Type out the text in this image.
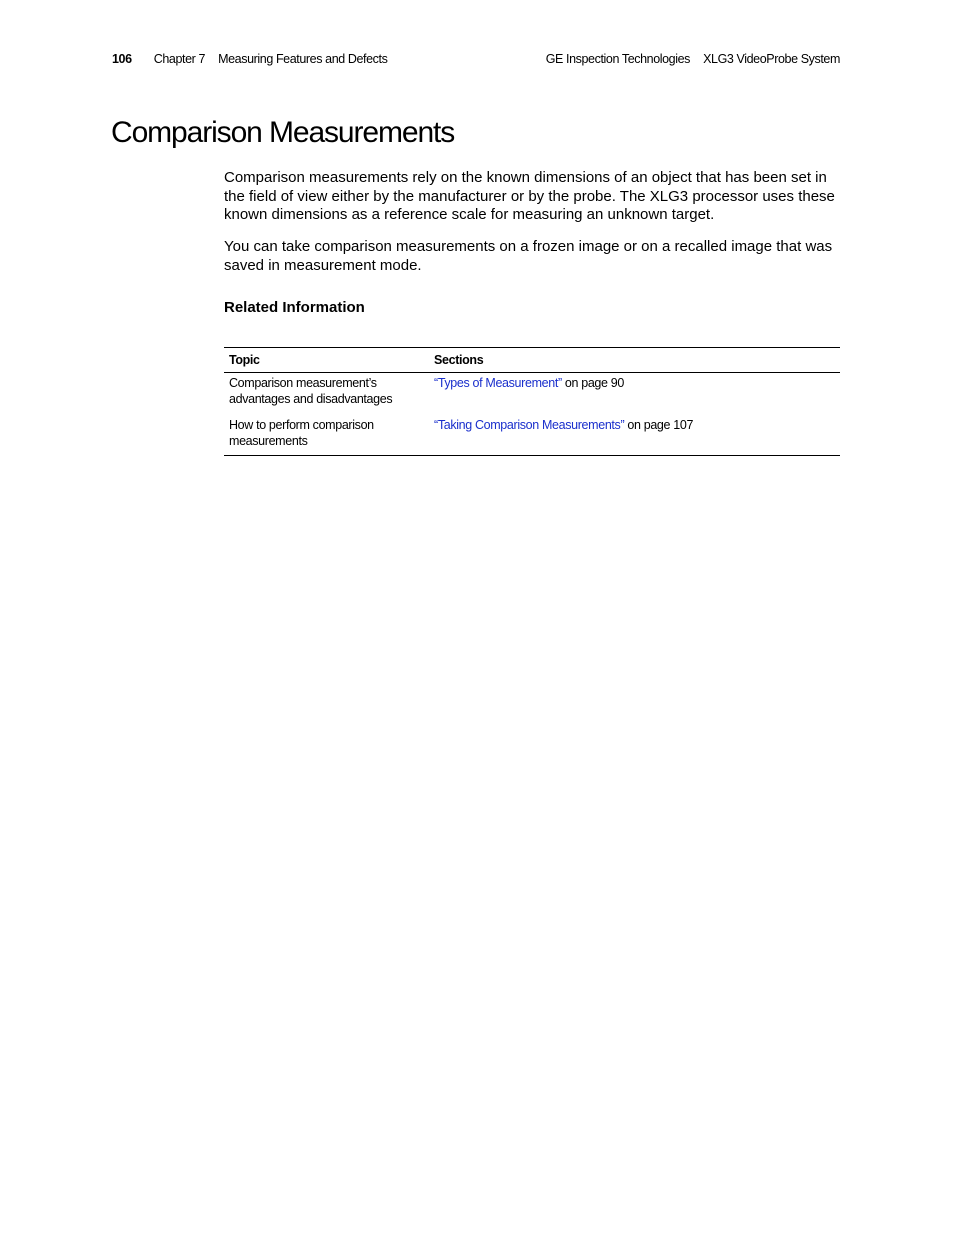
106 Chapter 7 Measuring Features and Defects	GE Inspection Technologies XLG3 VideoProbe System
Comparison Measurements

Comparison measurements rely on the known dimensions of an object that has been set in the field of view either by the manufacturer or by the probe. The XLG3 processor uses these known dimensions as a reference scale for measuring an unknown target.

You can take comparison measurements on a frozen image or on a recalled image that was saved in measurement mode.

Related Information
Topic	Sections
Comparison measurement’s advantages and disadvantages	“Types of Measurement” on page 90
How to perform comparison measurements	“Taking Comparison Measurements” on page 107
